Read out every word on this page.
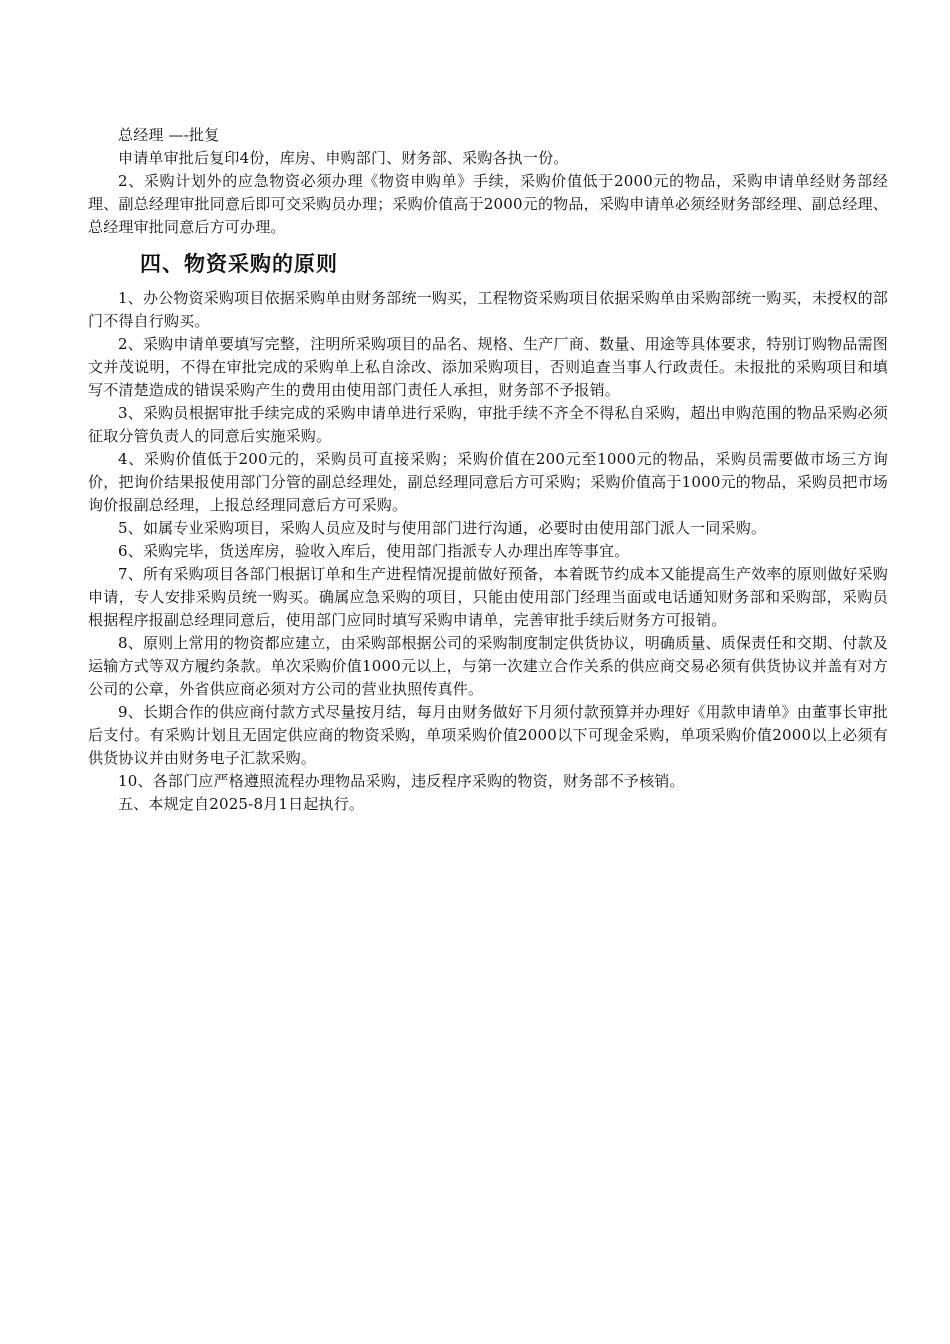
总经理 —-批复

申请单审批后复印4份，库房、申购部门、财务部、采购各执一份。

2、采购计划外的应急物资必须办理《物资申购单》手续，采购价值低于2000元的物品，采购申请单经财务部经理、副总经理审批同意后即可交采购员办理；采购价值高于2000元的物品，采购申请单必须经财务部经理、副总经理、总经理审批同意后方可办理。

四、物资采购的原则

1、办公物资采购项目依据采购单由财务部统一购买，工程物资采购项目依据采购单由采购部统一购买，未授权的部门不得自行购买。

2、采购申请单要填写完整，注明所采购项目的品名、规格、生产厂商、数量、用途等具体要求，特别订购物品需图文并茂说明，不得在审批完成的采购单上私自涂改、添加采购项目，否则追查当事人行政责任。未报批的采购项目和填写不清楚造成的错误采购产生的费用由使用部门责任人承担，财务部不予报销。

3、采购员根据审批手续完成的采购申请单进行采购，审批手续不齐全不得私自采购，超出申购范围的物品采购必须征取分管负责人的同意后实施采购。

4、采购价值低于200元的，采购员可直接采购；采购价值在200元至1000元的物品，采购员需要做市场三方询价，把询价结果报使用部门分管的副总经理处，副总经理同意后方可采购；采购价值高于1000元的物品，采购员把市场询价报副总经理，上报总经理同意后方可采购。

5、如属专业采购项目，采购人员应及时与使用部门进行沟通，必要时由使用部门派人一同采购。

6、采购完毕，货送库房，验收入库后，使用部门指派专人办理出库等事宜。

7、所有采购项目各部门根据订单和生产进程情况提前做好预备，本着既节约成本又能提高生产效率的原则做好采购申请，专人安排采购员统一购买。确属应急采购的项目，只能由使用部门经理当面或电话通知财务部和采购部，采购员根据程序报副总经理同意后，使用部门应同时填写采购申请单，完善审批手续后财务方可报销。

8、原则上常用的物资都应建立，由采购部根据公司的采购制度制定供货协议，明确质量、质保责任和交期、付款及运输方式等双方履约条款。单次采购价值1000元以上，与第一次建立合作关系的供应商交易必须有供货协议并盖有对方公司的公章，外省供应商必须对方公司的营业执照传真件。

9、长期合作的供应商付款方式尽量按月结，每月由财务做好下月须付款预算并办理好《用款申请单》由董事长审批后支付。有采购计划且无固定供应商的物资采购，单项采购价值2000以下可现金采购，单项采购价值2000以上必须有供货协议并由财务电子汇款采购。

10、各部门应严格遵照流程办理物品采购，违反程序采购的物资，财务部不予核销。

五、本规定自2025-8月1日起执行。
